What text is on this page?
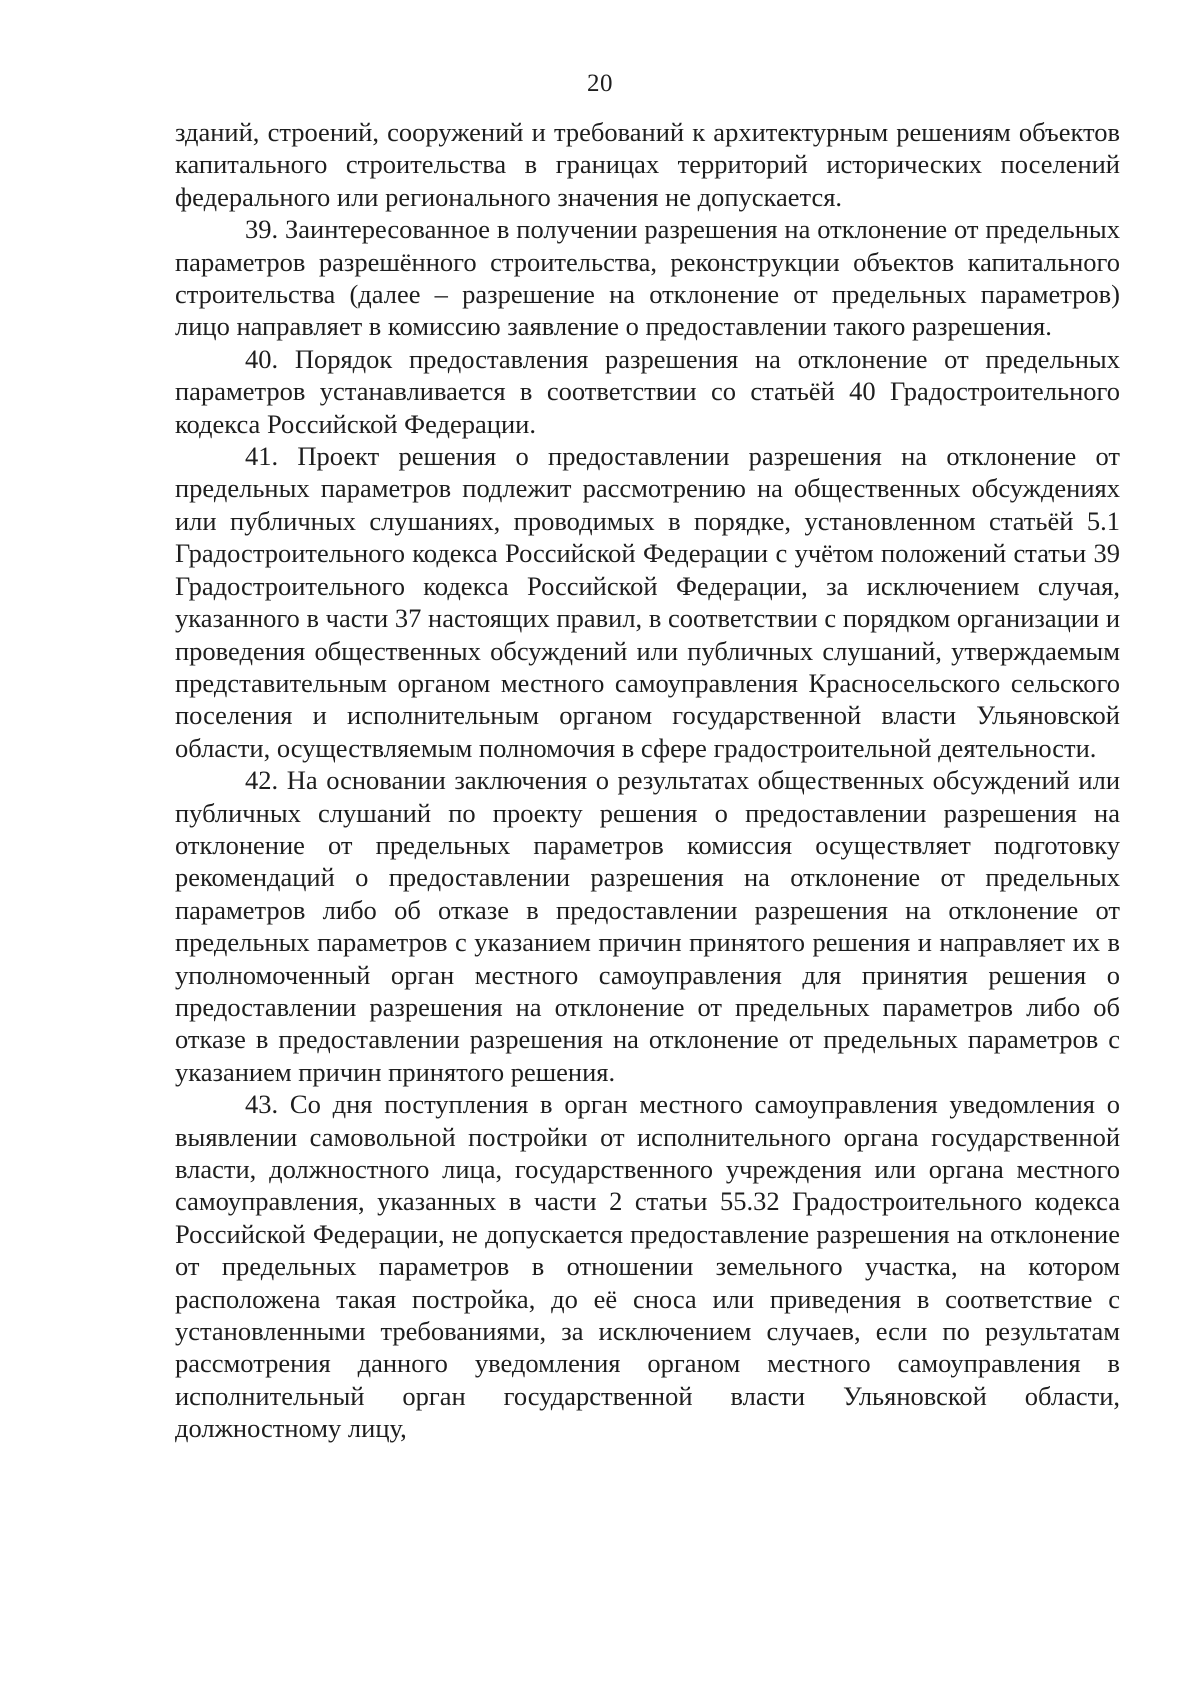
20

зданий, строений, сооружений и требований к архитектурным решениям объектов капитального строительства в границах территорий исторических поселений федерального или регионального значения не допускается.

39. Заинтересованное в получении разрешения на отклонение от предельных параметров разрешённого строительства, реконструкции объектов капитального строительства (далее – разрешение на отклонение от предельных параметров) лицо направляет в комиссию заявление о предоставлении такого разрешения.

40. Порядок предоставления разрешения на отклонение от предельных параметров устанавливается в соответствии со статьёй 40 Градостроительного кодекса Российской Федерации.

41. Проект решения о предоставлении разрешения на отклонение от предельных параметров подлежит рассмотрению на общественных обсуждениях или публичных слушаниях, проводимых в порядке, установленном статьёй 5.1 Градостроительного кодекса Российской Федерации с учётом положений статьи 39 Градостроительного кодекса Российской Федерации, за исключением случая, указанного в части 37 настоящих правил, в соответствии с порядком организации и проведения общественных обсуждений или публичных слушаний, утверждаемым представительным органом местного самоуправления Красносельского сельского поселения и исполнительным органом государственной власти Ульяновской области, осуществляемым полномочия в сфере градостроительной деятельности.

42. На основании заключения о результатах общественных обсуждений или публичных слушаний по проекту решения о предоставлении разрешения на отклонение от предельных параметров комиссия осуществляет подготовку рекомендаций о предоставлении разрешения на отклонение от предельных параметров либо об отказе в предоставлении разрешения на отклонение от предельных параметров с указанием причин принятого решения и направляет их в уполномоченный орган местного самоуправления для принятия решения о предоставлении разрешения на отклонение от предельных параметров либо об отказе в предоставлении разрешения на отклонение от предельных параметров с указанием причин принятого решения.

43. Со дня поступления в орган местного самоуправления уведомления о выявлении самовольной постройки от исполнительного органа государственной власти, должностного лица, государственного учреждения или органа местного самоуправления, указанных в части 2 статьи 55.32 Градостроительного кодекса Российской Федерации, не допускается предоставление разрешения на отклонение от предельных параметров в отношении земельного участка, на котором расположена такая постройка, до её сноса или приведения в соответствие с установленными требованиями, за исключением случаев, если по результатам рассмотрения данного уведомления органом местного самоуправления в исполнительный орган государственной власти Ульяновской области, должностному лицу,
